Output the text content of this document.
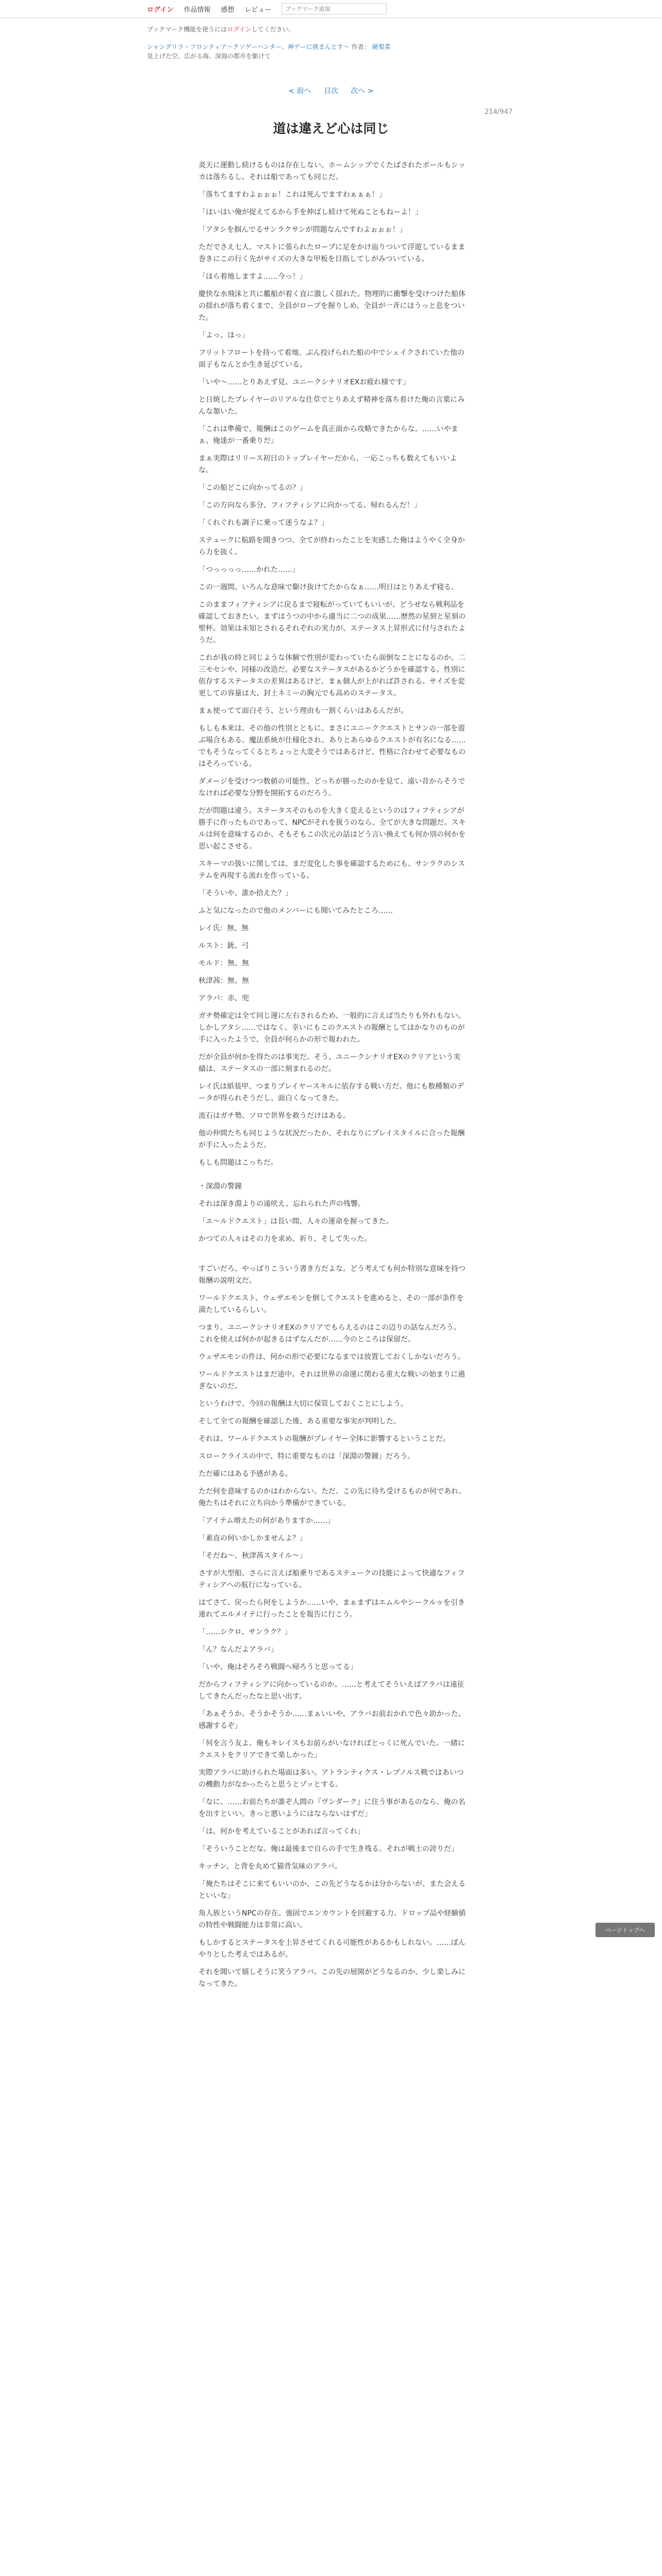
ログイン 作品情報 感想 レビュー
ブックマーク追加
ブックマーク機能を使うにはログインしてください。
シャングリラ・フロンティア〜クソゲーハンター、神ゲーに挑まんとす〜 作者： 硬梨菜
見上げた空、広がる海、深海の都市を駆けて
< 前へ 目次 次へ >
214/947
道は違えど心は同じ

炎天に運動し続けるものは存在しない。ホームシップでくたばされたボールもシッカは落ちるし、それは船であっても同じだ。

「落ちてますわよぉぉぉ！これは死んでますわぁぁぁ！」

「はいはい俺が捉えてるから手を伸ばし続けて死ぬこともねーよ！」

「アタシを掴んでるサンラクサンが問題なんですわよぉぉぉ！」

ただでさえ七人、マストに張られたロープに足をかけ辿りついて浮遊しているまま巻きにこの行く先がサイズの大きな甲板を目指してしがみついている。

「ほら着地しますよ……今っ！」

慶快な水飛沫と共に艦船が着く直に激しく揺れた。物理的に衝撃を受けつけた船体の揺れが落ち着くまで、全員がロープを握りしめ、全員が一斉にほうっと息をついた。

「よっ、ほっ」

フリットフロートを持って着地、ぶん投げられた船の中でシェイクされていた他の面子もなんとか生き延びている。

「いや〜……とりあえず見、ユニークシナリオEXお疲れ様です」

と日焼したプレイヤーのリアルな仕草でとりあえず精神を落ち着けた俺の言葉にみんな頷いた。

「これは準備で、報酬はこのゲームを真正面から攻略できたからな。……いやまぁ、俺達が一番乗りだ」

まぁ実際はリリース初日のトップレイヤーだから、一応こっちも数えてもいいよな。

「この船どこに向かってるの？」

「この方向なら多分、フィフティシアに向かってる。帰れるんだ！」

「くれぐれも調子に乗って迷うなよ？」

ステュークに航路を聞きつつ、全てが終わったことを実感した俺はようやく全身から力を抜く。

「つっっっっ……かれた……」

この一週間、いろんな意味で駆け抜けてたからなぁ……明日はとりあえず寝る。

このままフィフティシアに戻るまで寝転がっていてもいいが、どうせなら戦利品を確認しておきたい。まずはうつの中から適当に二つの成果……歴然の星刻と星刻の聖杯。効果は未知とされるそれぞれの実力が、ステータス上昇形式に付与されたようだ。

これが我の時と同じような体験で性別が変わっていたら面倒なことになるのか、二三モセンや、同様の改造だ。必要なステータスがあるかどうかを確認する。性別に依存するステータスの差異はあるけど、まぁ個人が上がれば許される。サイズを変更しての容量は大、封土ネミーの胸元でも高めのステータス。

まぁ使ってて面白そう、という理由も一割くらいはあるんだが。

もしも本来は、その他の性別とともに、まさにユニーククエストとサンの一部を遊ぶ場合もある。魔法系統が仕様化され、ありとあらゆるクエストが有名になる……でもそうなってくるとちょっと大変そうではあるけど、性格に合わせて必要なものはそろっている。

ダメージを受けつつ数値の可能性、どっちが勝ったのかを見て、遠い昔からそうでなければ必要な分野を開拓するのだろう。

だが問題は違う。ステータスそのものを大きく変えるというのはフィフティシアが勝手に作ったものであって、NPCがそれを扱うのなら、全てが大きな問題だ。スキルは何を意味するのか、そもそもこの次元の話はどう言い換えても何か別の何かを思い起こさせる。

スキーマの扱いに関しては、まだ変化した事を確認するためにも、サンラクのシステムを再現する流れを作っている。

「そういや、誰か拾えた？」

ふと気になったので他のメンバーにも聞いてみたところ……

レイ氏：無、無

ルスト：銃、弓

モルド：無、無

秋津茜：無、無

アラバ：赤、兜

ガチ勢確定は全て同じ運に左右されるため、一般的に言えば当たりも外れもない。しかしアタシ……ではなく、幸いにもこのクエストの報酬としてはかなりのものが手に入ったようで、全員が何らかの形で報われた。

だが全員が何かを得たのは事実だ。そう、ユニークシナリオEXのクリアという実績は、ステータスの一部に刻まれるのだ。

レイ氏は紙装甲、つまりプレイヤースキルに依存する戦い方だ。他にも数種類のデータが得られそうだし、面白くなってきた。

流石はガチ勢、ソロで世界を救うだけはある。

他の仲間たちも同じような状況だったか、それなりにプレイスタイルに合った報酬が手に入ったようだ。

もしも問題はこっちだ。

・深淵の警鐘

それは深き淵よりの遠吠え、忘れられた声の残響。

「エ〜ルドクエスト」は長い間、人々の運命を握ってきた。

かつての人々はその力を求め、祈り、そして失った。

すごいだろ、やっぱりこういう書き方だよな。どう考えても何か特別な意味を持つ報酬の説明文だ。

ワールドクエスト、ウェザエモンを倒してクエストを進めると、その一部が条件を満たしているらしい。

つまり、ユニークシナリオEXのクリアでもらえるのはこの辺りの話なんだろう。これを使えば何かが起きるはずなんだが……今のところは保留だ。

ウェザエモンの件は、何かの形で必要になるまでは放置しておくしかないだろう。

ワールドクエストはまだ途中。それは世界の命運に関わる重大な戦いの始まりに過ぎないのだ。

というわけで、今回の報酬は大切に保管しておくことにしよう。

そして全ての報酬を確認した後、ある重要な事実が判明した。

それは、ワールドクエストの報酬がプレイヤー全体に影響するということだ。

スロークライスの中で、特に重要なものは「深淵の警鐘」だろう。

ただ確にはある予感がある。

ただ何を意味するのかはわからない。ただ、この先に待ち受けるものが何であれ、俺たちはそれに立ち向かう準備ができている。

「アイテム増えたの何がありますか……」

「素直の何いかしかませんよ？」

「そだね〜、秋津茜スタイル〜」

さすが大型船、さらに言えば船乗りであるステュークの技能によって快適なフィフティシアへの航行になっている。

はてさて、戻ったら何をしようか……いや、まぁまずはエムルやシークルゥを引き連れてエルメイテに行ったことを報告に行こう。

「……シクロ、サンラク？」

「ん？なんだよアラバ」

「いや、俺はそろそろ戦闘へ帰ろうと思ってる」

だからフィフティシアに向かっているのか。……と考えてそういえばアラバは遠征してきたんだったなと思い出す。

「あぁそうか。そうかそうか……まぁいいや。アラバお前おかれで色々助かった、感謝するぞ」

「何を言う友よ。俺もキレイスもお前らがいなければとっくに死んでいた。一緒にクエストをクリアできて楽しかった」

実際アラバに助けられた場面は多い。アトランティクス・レプノルス戦ではあいつの機動力がなかったらと思うとゾッとする。

「なに、……お前たちが誰ぞ人間の『ヴンダーク』に住う事があるのなら、俺の名を出すといい。きっと悪いようにはならないはずだ」

「は、何かを考えていることがあれば言ってくれ」

「そういうことだな。俺は最後まで自らの手で生き残る。それが戦士の誇りだ」

キッチン、と背を丸めて猫背気味のアラバ。

「俺たちはそこに来てもいいのか、この先どうなるかは分からないが、また会えるといいな」

角人族というNPCの存在。強固でエンカウントを回避する力、ドロップ品や経験値の特性や戦闘能力は非常に高い。

もしかするとステータスを上昇させてくれる可能性があるかもしれない。……ぼんやりとした考えではあるが。

それを聞いて嬉しそうに笑うアラバ。この先の展開がどうなるのか、少し楽しみになってきた。

ページトップへ
